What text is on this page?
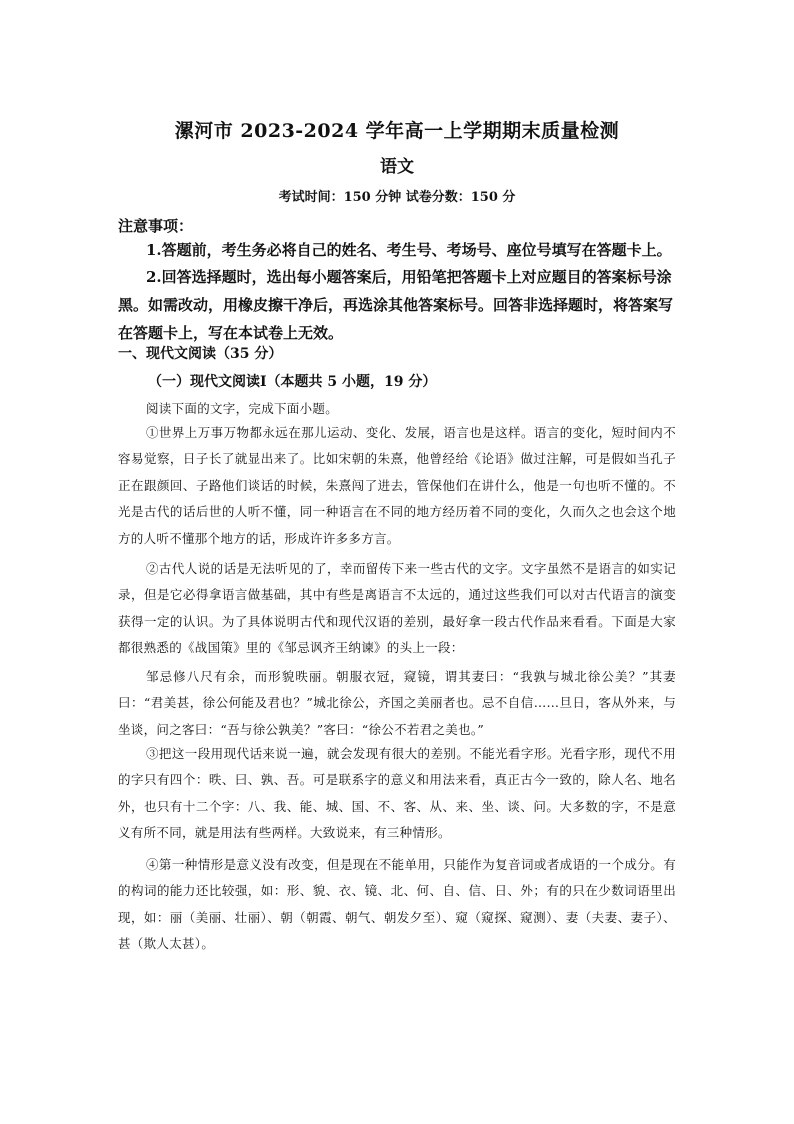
漯河市 2023-2024 学年高一上学期期末质量检测
语文
考试时间：150 分钟 试卷分数：150 分
注意事项：
1.答题前，考生务必将自己的姓名、考生号、考场号、座位号填写在答题卡上。
2.回答选择题时，选出每小题答案后，用铅笔把答题卡上对应题目的答案标号涂黑。如需改动，用橡皮擦干净后，再选涂其他答案标号。回答非选择题时，将答案写在答题卡上，写在本试卷上无效。
一、现代文阅读（35 分）
（一）现代文阅读Ⅰ（本题共 5 小题，19 分）
阅读下面的文字，完成下面小题。
①世界上万事万物都永远在那儿运动、变化、发展，语言也是这样。语言的变化，短时间内不容易觉察，日子长了就显出来了。比如宋朝的朱熹，他曾经给《论语》做过注解，可是假如当孔子正在跟颜回、子路他们谈话的时候，朱熹闯了进去，管保他们在讲什么，他是一句也听不懂的。不光是古代的话后世的人听不懂，同一种语言在不同的地方经历着不同的变化，久而久之也会这个地方的人听不懂那个地方的话，形成许许多多方言。
②古代人说的话是无法听见的了，幸而留传下来一些古代的文字。文字虽然不是语言的如实记录，但是它必得拿语言做基础，其中有些是离语言不太远的，通过这些我们可以对古代语言的演变获得一定的认识。为了具体说明古代和现代汉语的差别，最好拿一段古代作品来看看。下面是大家都很熟悉的《战国策》里的《邹忌讽齐王纳谏》的头上一段：
邹忌修八尺有余，而形貌昳丽。朝服衣冠，窥镜，谓其妻曰：“我孰与城北徐公美？”其妻曰：“君美甚，徐公何能及君也？”城北徐公，齐国之美丽者也。忌不自信……旦日，客从外来，与坐谈，问之客曰：“吾与徐公孰美？”客曰：“徐公不若君之美也。”
③把这一段用现代话来说一遍，就会发现有很大的差别。不能光看字形。光看字形，现代不用的字只有四个：昳、曰、孰、吾。可是联系字的意义和用法来看，真正古今一致的，除人名、地名外，也只有十二个字：八、我、能、城、国、不、客、从、来、坐、谈、问。大多数的字，不是意义有所不同，就是用法有些两样。大致说来，有三种情形。
④第一种情形是意义没有改变，但是现在不能单用，只能作为复音词或者成语的一个成分。有的构词的能力还比较强，如：形、貌、衣、镜、北、何、自、信、日、外；有的只在少数词语里出现，如：丽（美丽、壮丽）、朝（朝霞、朝气、朝发夕至）、窥（窥探、窥测）、妻（夫妻、妻子）、甚（欺人太甚）。
